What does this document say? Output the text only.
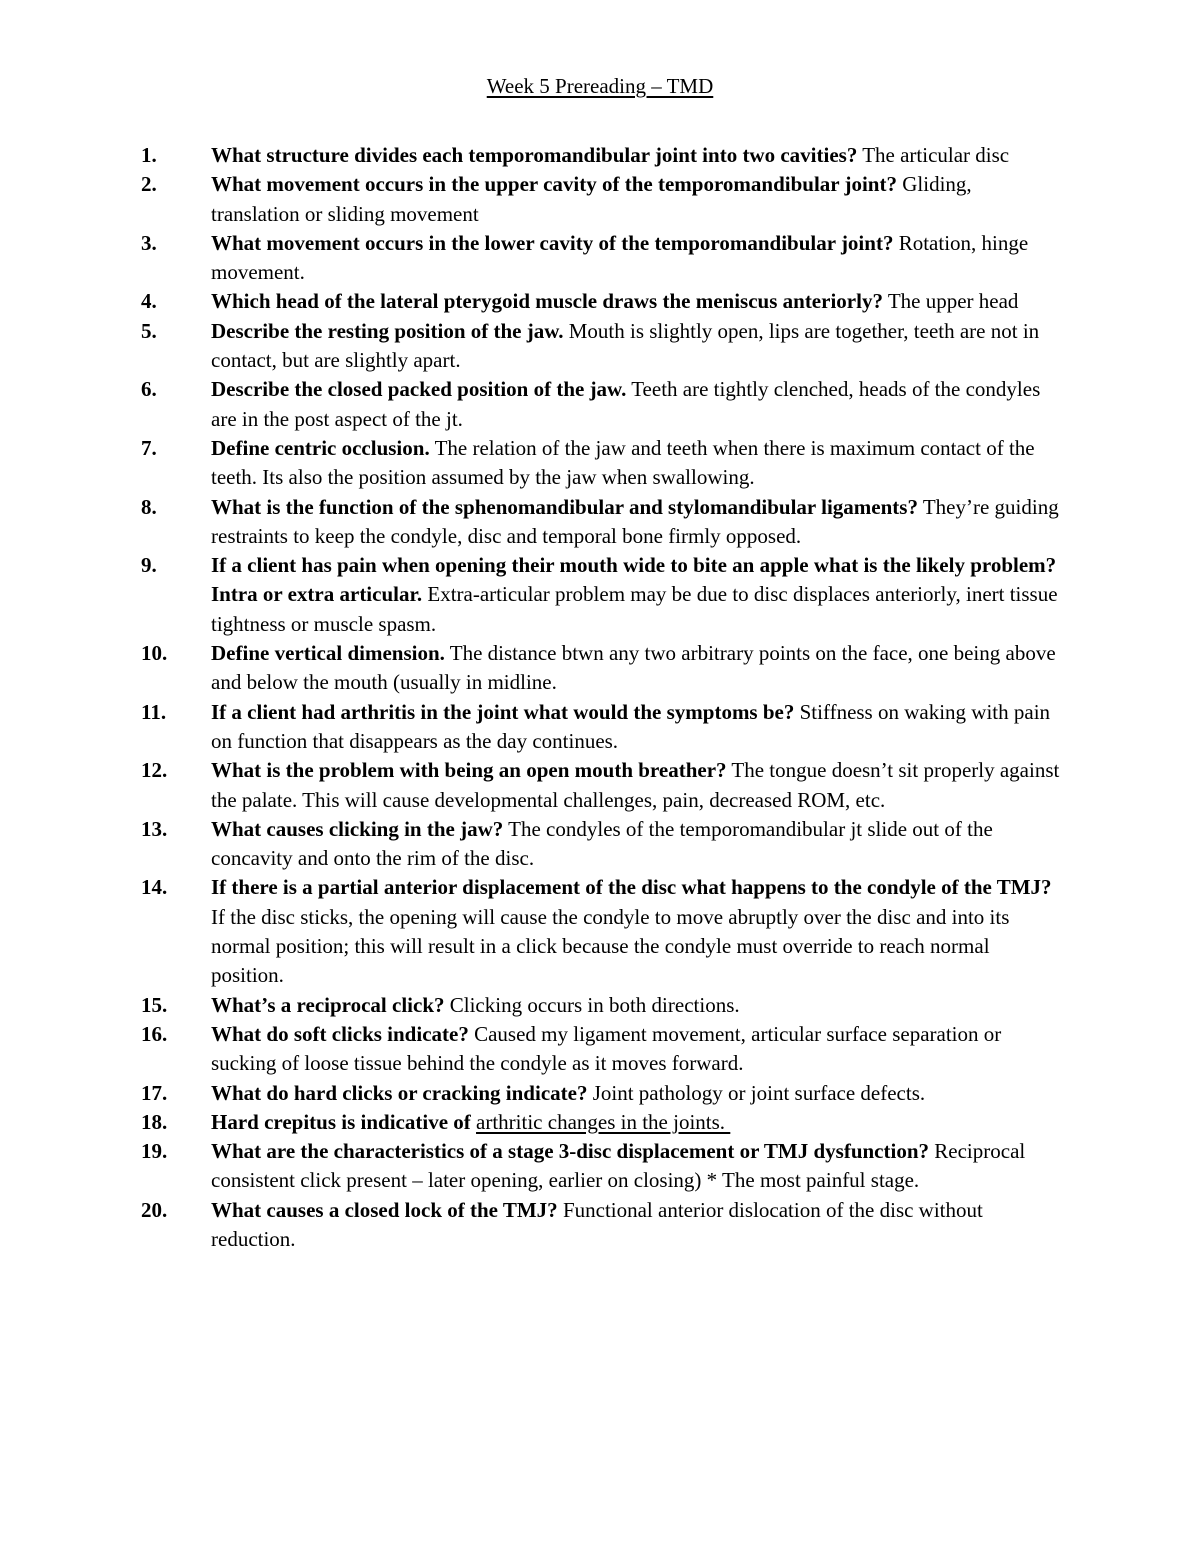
Week 5 Prereading – TMD
1.	What structure divides each temporomandibular joint into two cavities? The articular disc
2.	What movement occurs in the upper cavity of the temporomandibular joint? Gliding, translation or sliding movement
3.	What movement occurs in the lower cavity of the temporomandibular joint? Rotation, hinge movement.
4.	Which head of the lateral pterygoid muscle draws the meniscus anteriorly? The upper head
5.	Describe the resting position of the jaw. Mouth is slightly open, lips are together, teeth are not in contact, but are slightly apart.
6.	Describe the closed packed position of the jaw. Teeth are tightly clenched, heads of the condyles are in the post aspect of the jt.
7.	Define centric occlusion. The relation of the jaw and teeth when there is maximum contact of the teeth. Its also the position assumed by the jaw when swallowing.
8.	What is the function of the sphenomandibular and stylomandibular ligaments? They’re guiding restraints to keep the condyle, disc and temporal bone firmly opposed.
9.	If a client has pain when opening their mouth wide to bite an apple what is the likely problem? Intra or extra articular. Extra-articular problem may be due to disc displaces anteriorly, inert tissue tightness or muscle spasm.
10. Define vertical dimension. The distance btwn any two arbitrary points on the face, one being above and below the mouth (usually in midline.
11. If a client had arthritis in the joint what would the symptoms be? Stiffness on waking with pain on function that disappears as the day continues.
12. What is the problem with being an open mouth breather? The tongue doesn’t sit properly against the palate. This will cause developmental challenges, pain, decreased ROM, etc.
13. What causes clicking in the jaw? The condyles of the temporomandibular jt slide out of the concavity and onto the rim of the disc.
14. If there is a partial anterior displacement of the disc what happens to the condyle of the TMJ? If the disc sticks, the opening will cause the condyle to move abruptly over the disc and into its normal position; this will result in a click because the condyle must override to reach normal position.
15. What’s a reciprocal click? Clicking occurs in both directions.
16. What do soft clicks indicate? Caused my ligament movement, articular surface separation or sucking of loose tissue behind the condyle as it moves forward.
17. What do hard clicks or cracking indicate? Joint pathology or joint surface defects.
18. Hard crepitus is indicative of arthritic changes in the joints.
19. What are the characteristics of a stage 3-disc displacement or TMJ dysfunction? Reciprocal consistent click present – later opening, earlier on closing) * The most painful stage.
20. What causes a closed lock of the TMJ? Functional anterior dislocation of the disc without reduction.
